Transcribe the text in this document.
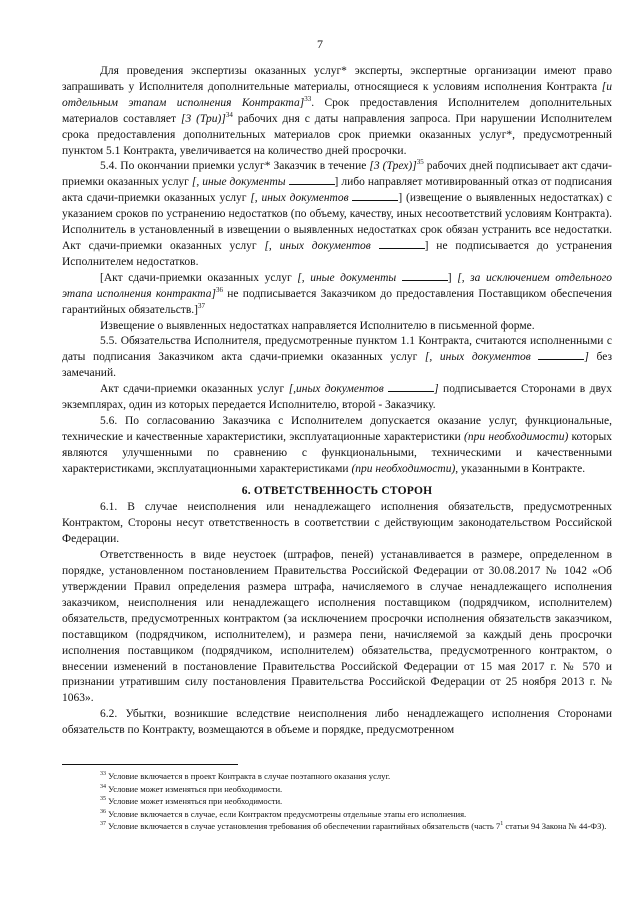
7

Для проведения экспертизы оказанных услуг* эксперты, экспертные организации имеют право запрашивать у Исполнителя дополнительные материалы, относящиеся к условиям исполнения Контракта [и отдельным этапам исполнения Контракта]$^{33}$. Срок предоставления Исполнителем дополнительных материалов составляет [3 (Три)]$^{34}$ рабочих дня с даты направления запроса. При нарушении Исполнителем срока предоставления дополнительных материалов срок приемки оказанных услуг*, предусмотренный пунктом 5.1 Контракта, увеличивается на количество дней просрочки.

5.4. По окончании приемки услуг* Заказчик в течение [3 (Трех)]$^{35}$ рабочих дней подписывает акт сдачи-приемки оказанных услуг [, иные документы	] либо направляет мотивированный отказ от подписания акта сдачи-приемки оказанных услуг [, иных документов	] (извещение о выявленных недостатках) с указанием сроков по устранению недостатков (по объему, качеству, иных несоответствий условиям Контракта). Исполнитель в установленный в извещении о выявленных недостатках срок обязан устранить все недостатки. Акт сдачи-приемки оказанных услуг [, иных документов	] не подписывается до устранения Исполнителем недостатков.

[Акт сдачи-приемки оказанных услуг [, иные документы	] [, за исключением отдельного этапа исполнения контракта]$^{36}$ не подписывается Заказчиком до предоставления Поставщиком обеспечения гарантийных обязательств.]$^{37}$

Извещение о выявленных недостатках направляется Исполнителю в письменной форме.

5.5. Обязательства Исполнителя, предусмотренные пунктом 1.1 Контракта, считаются исполненными с даты подписания Заказчиком акта сдачи-приемки оказанных услуг [, иных документов	] без замечаний.

Акт сдачи-приемки оказанных услуг [,иных документов	] подписывается Сторонами в двух экземплярах, один из которых передается Исполнителю, второй - Заказчику.

5.6. По согласованию Заказчика с Исполнителем допускается оказание услуг, функциональные, технические и качественные характеристики, эксплуатационные характеристики (при необходимости) которых являются улучшенными по сравнению с функциональными, техническими и качественными характеристиками, эксплуатационными характеристиками (при необходимости), указанными в Контракте.

6. ОТВЕТСТВЕННОСТЬ СТОРОН

6.1. В случае неисполнения или ненадлежащего исполнения обязательств, предусмотренных Контрактом, Стороны несут ответственность в соответствии с действующим законодательством Российской Федерации.

Ответственность в виде неустоек (штрафов, пеней) устанавливается в размере, определенном в порядке, установленном постановлением Правительства Российской Федерации от 30.08.2017 № 1042 «Об утверждении Правил определения размера штрафа, начисляемого в случае ненадлежащего исполнения заказчиком, неисполнения или ненадлежащего исполнения поставщиком (подрядчиком, исполнителем) обязательств, предусмотренных контрактом (за исключением просрочки исполнения обязательств заказчиком, поставщиком (подрядчиком, исполнителем), и размера пени, начисляемой за каждый день просрочки исполнения поставщиком (подрядчиком, исполнителем) обязательства, предусмотренного контрактом, о внесении изменений в постановление Правительства Российской Федерации от 15 мая 2017 г. № 570 и признании утратившим силу постановления Правительства Российской Федерации от 25 ноября 2013 г. № 1063».

6.2. Убытки, возникшие вследствие неисполнения либо ненадлежащего исполнения Сторонами обязательств по Контракту, возмещаются в объеме и порядке, предусмотренном

$^{33}$ Условие включается в проект Контракта в случае поэтапного оказания услуг.

$^{34}$ Условие может изменяться при необходимости.

$^{35}$ Условие может изменяться при необходимости.

$^{36}$ Условие включается в случае, если Контрактом предусмотрены отдельные этапы его исполнения.

$^{37}$ Условие включается в случае установления требования об обеспечении гарантийных обязательств (часть $7^1$ статьи 94 Закона № 44-ФЗ).
